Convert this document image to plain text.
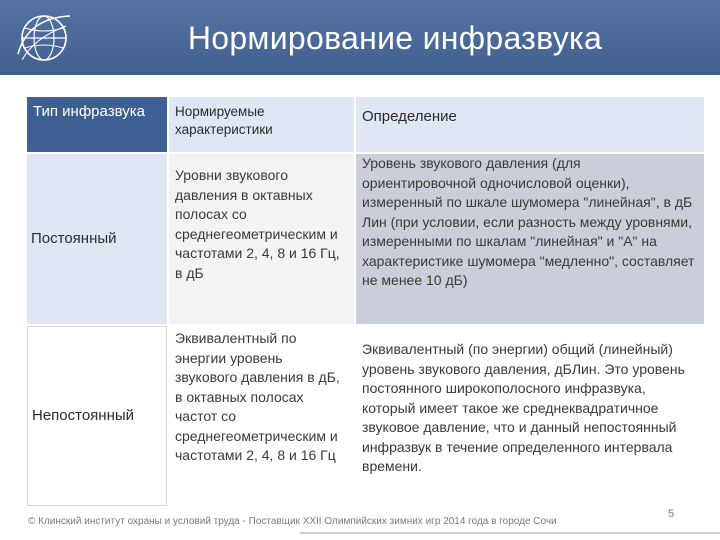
Нормирование инфразвука
Тип инфразвука	Нормируемые характеристики
Определение
Постоянный
Уровни звукового давления в октавных полосах со среднегеометрическим и частотами 2, 4, 8 и 16 Гц, в дБ
Уровень звукового давления (для ориентировочной одночисловой оценки), измеренный по шкале шумомера "линейная", в дБ Лин (при условии, если разность между уровнями, измеренными по шкалам "линейная" и "А" на характеристике шумомера "медленно", составляет не менее 10 дБ)
Непостоянный
Эквивалентный по энергии уровень звукового давления в дБ, в октавных полосах частот со среднегеометрическим и частотами 2, 4, 8 и 16 Гц
Эквивалентный (по энергии) общий (линейный) уровень звукового давления, дБЛин. Это уровень постоянного широкополосного инфразвука, который имеет такое же среднеквадратичное звуковое давление, что и данный непостоянный инфразвук в течение определенного интервала времени.
5
© Клинский институт охраны и условий труда - Поставщик XXII Олимпийских зимних игр 2014 года в городе Сочи
